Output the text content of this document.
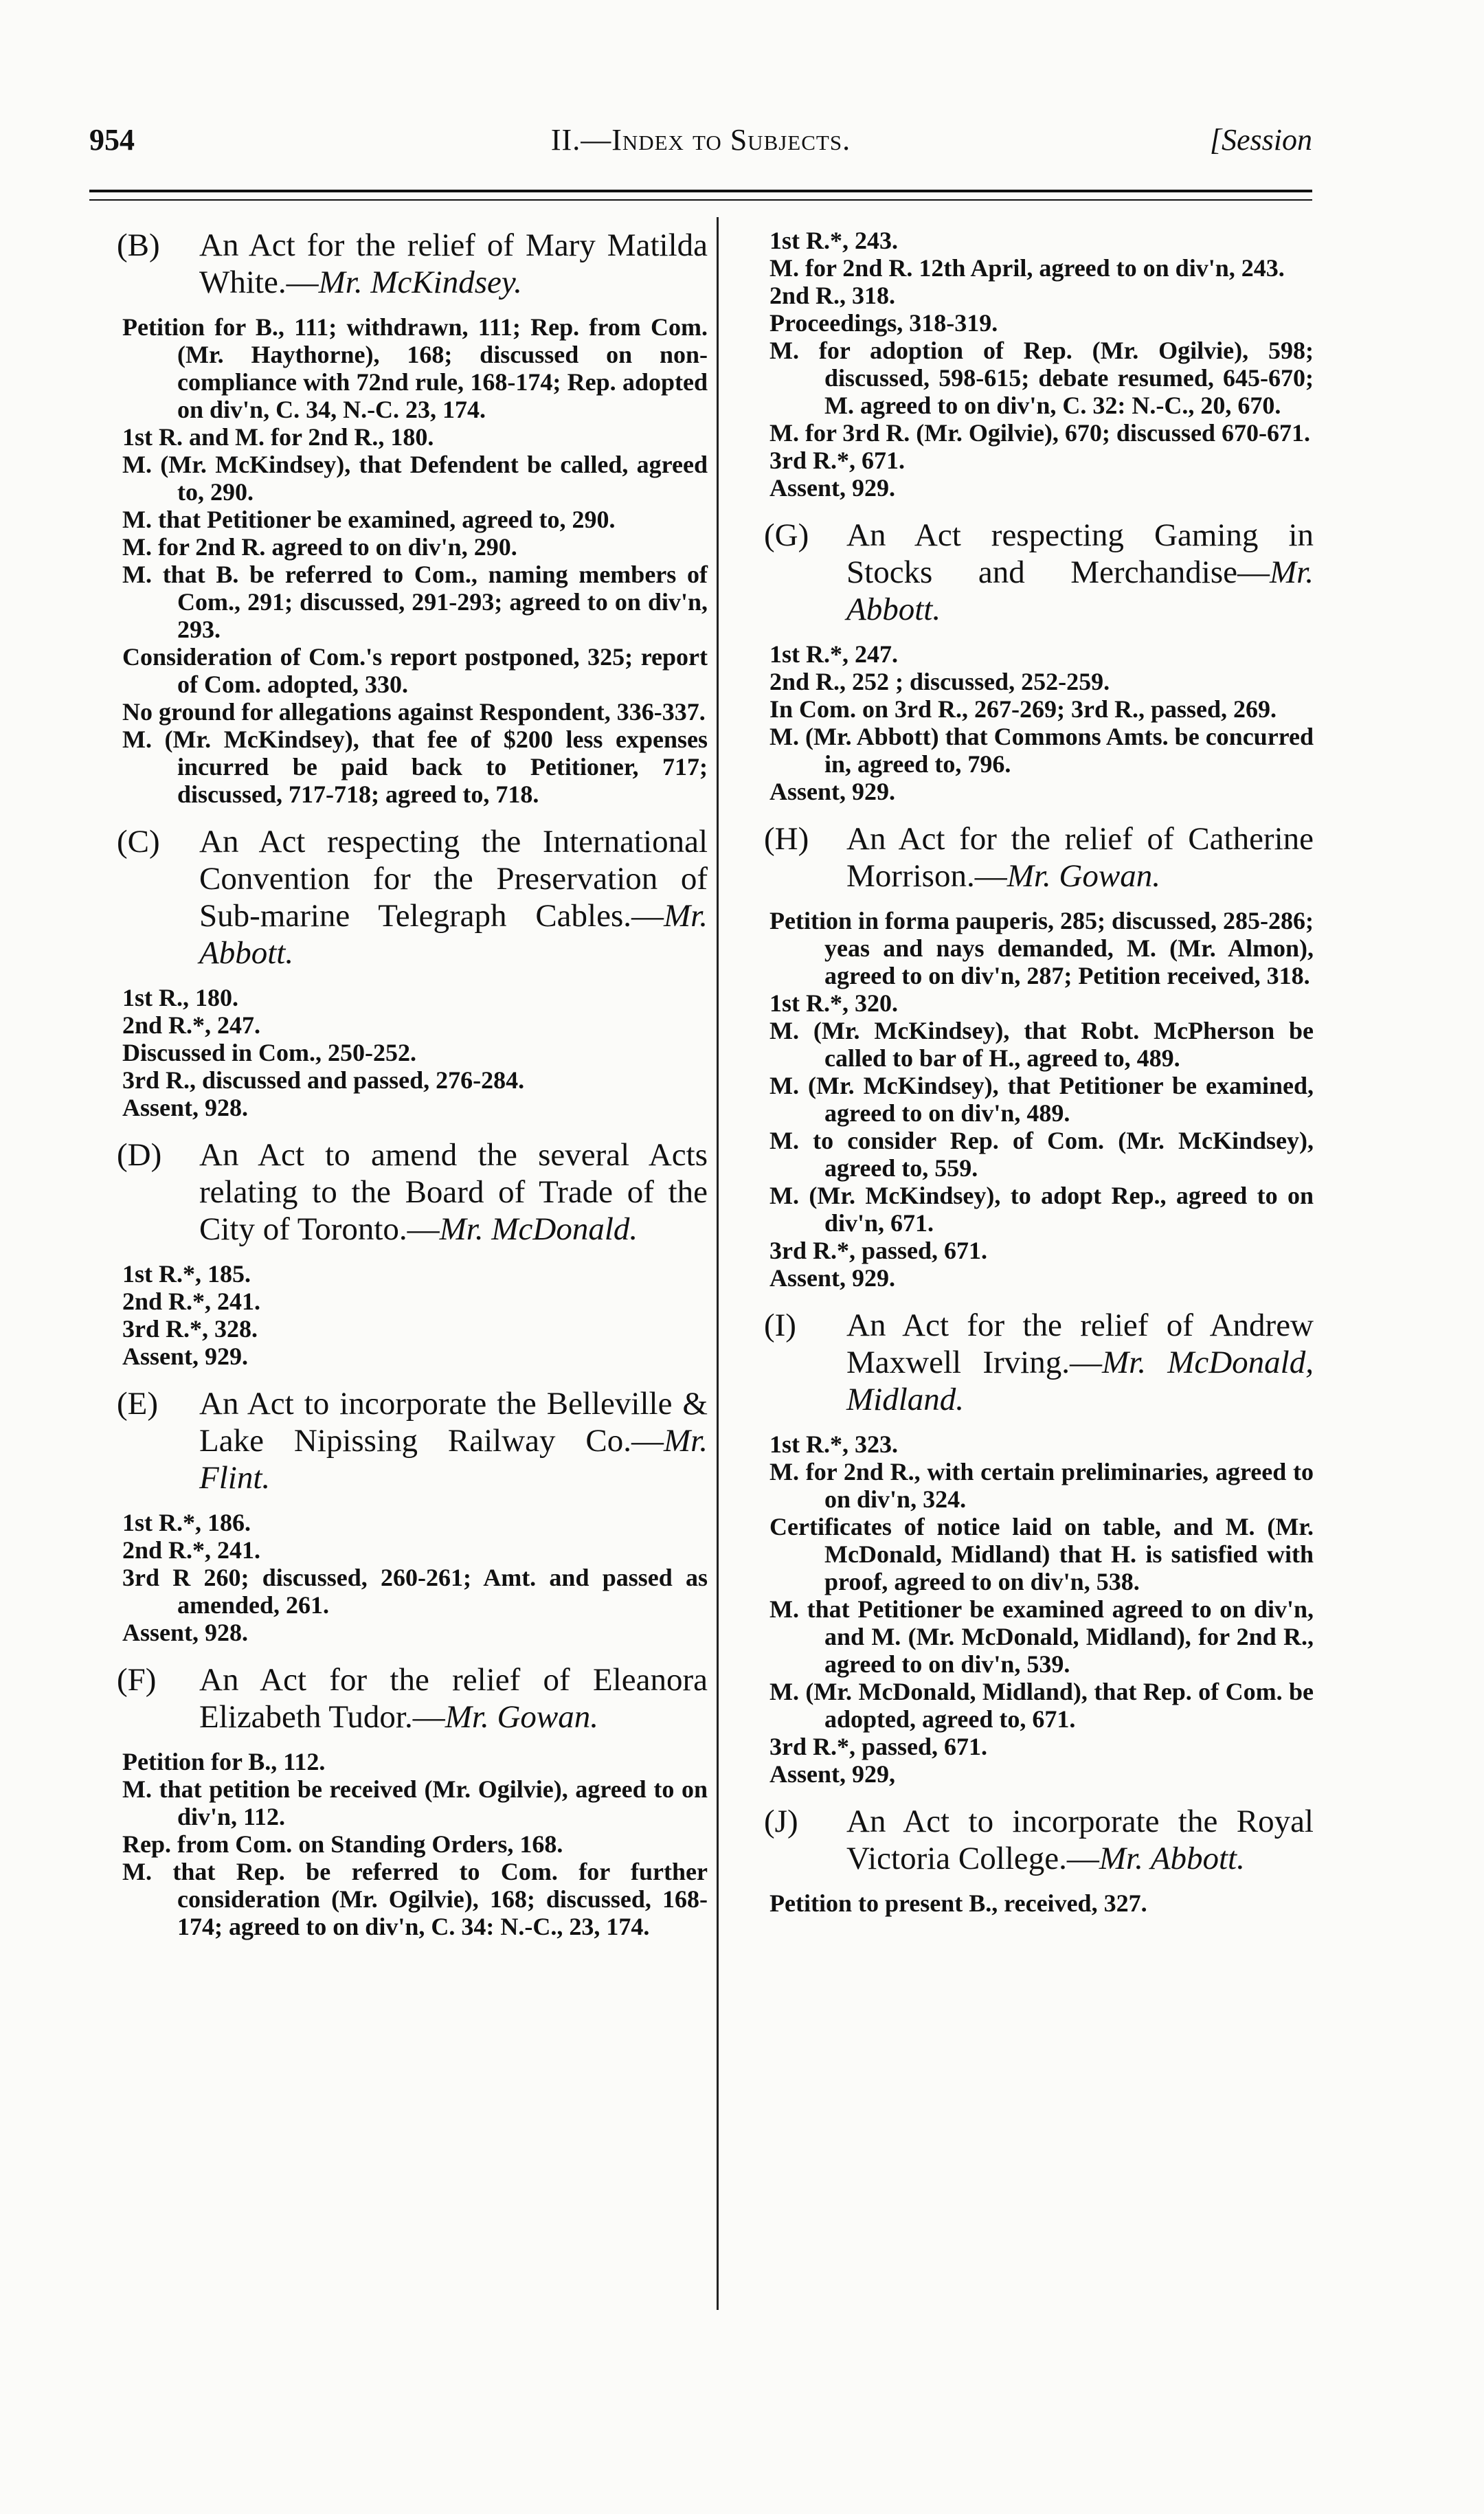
954	II.—Index to Subjects.	[Session
(B) An Act for the relief of Mary Matilda White.—Mr. McKindsey.
Petition for B., 111; withdrawn, 111; Rep. from Com. (Mr. Haythorne), 168; discussed on non-compliance with 72nd rule, 168-174; Rep. adopted on div'n, C. 34, N.-C. 23, 174.
1st R. and M. for 2nd R., 180.
M. (Mr. McKindsey), that Defendent be called, agreed to, 290.
M. that Petitioner be examined, agreed to, 290.
M. for 2nd R. agreed to on div'n, 290.
M. that B. be referred to Com., naming members of Com., 291; discussed, 291-293; agreed to on div'n, 293.
Consideration of Com.'s report postponed, 325; report of Com. adopted, 330.
No ground for allegations against Respondent, 336-337.
M. (Mr. McKindsey), that fee of $200 less expenses incurred be paid back to Petitioner, 717; discussed, 717-718; agreed to, 718.
(C) An Act respecting the International Convention for the Preservation of Sub-marine Telegraph Cables.—Mr. Abbott.
1st R., 180.
2nd R.*, 247.
Discussed in Com., 250-252.
3rd R., discussed and passed, 276-284.
Assent, 928.
(D) An Act to amend the several Acts relating to the Board of Trade of the City of Toronto.—Mr. McDonald.
1st R.*, 185.
2nd R.*, 241.
3rd R.*, 328.
Assent, 929.
(E) An Act to incorporate the Belleville & Lake Nipissing Railway Co.—Mr. Flint.
1st R.*, 186.
2nd R.*, 241.
3rd R 260; discussed, 260-261; Amt. and passed as amended, 261.
Assent, 928.
(F) An Act for the relief of Eleanora Elizabeth Tudor.—Mr. Gowan.
Petition for B., 112.
M. that petition be received (Mr. Ogilvie), agreed to on div'n, 112.
Rep. from Com. on Standing Orders, 168.
M. that Rep. be referred to Com. for further consideration (Mr. Ogilvie), 168; discussed, 168-174; agreed to on div'n, C. 34: N.-C., 23, 174.
1st R.*, 243.
M. for 2nd R. 12th April, agreed to on div'n, 243.
2nd R., 318.
Proceedings, 318-319.
M. for adoption of Rep. (Mr. Ogilvie), 598; discussed, 598-615; debate resumed, 645-670; M. agreed to on div'n, C. 32: N.-C., 20, 670.
M. for 3rd R. (Mr. Ogilvie), 670; discussed 670-671.
3rd R.*, 671.
Assent, 929.
(G) An Act respecting Gaming in Stocks and Merchandise—Mr. Abbott.
1st R.*, 247.
2nd R., 252 ; discussed, 252-259.
In Com. on 3rd R., 267-269; 3rd R., passed, 269.
M. (Mr. Abbott) that Commons Amts. be concurred in, agreed to, 796.
Assent, 929.
(H) An Act for the relief of Catherine Morrison.—Mr. Gowan.
Petition in forma pauperis, 285; discussed, 285-286; yeas and nays demanded, M. (Mr. Almon), agreed to on div'n, 287; Petition received, 318.
1st R.*, 320.
M. (Mr. McKindsey), that Robt. McPherson be called to bar of H., agreed to, 489.
M. (Mr. McKindsey), that Petitioner be examined, agreed to on div'n, 489.
M. to consider Rep. of Com. (Mr. McKindsey), agreed to, 559.
M. (Mr. McKindsey), to adopt Rep., agreed to on div'n, 671.
3rd R.*, passed, 671.
Assent, 929.
(I) An Act for the relief of Andrew Maxwell Irving.—Mr. McDonald, Midland.
1st R.*, 323.
M. for 2nd R., with certain preliminaries, agreed to on div'n, 324.
Certificates of notice laid on table, and M. (Mr. McDonald, Midland) that H. is satisfied with proof, agreed to on div'n, 538.
M. that Petitioner be examined agreed to on div'n, and M. (Mr. McDonald, Midland), for 2nd R., agreed to on div'n, 539.
M. (Mr. McDonald, Midland), that Rep. of Com. be adopted, agreed to, 671.
3rd R.*, passed, 671.
Assent, 929,
(J) An Act to incorporate the Royal Victoria College.—Mr. Abbott.
Petition to present B., received, 327.
